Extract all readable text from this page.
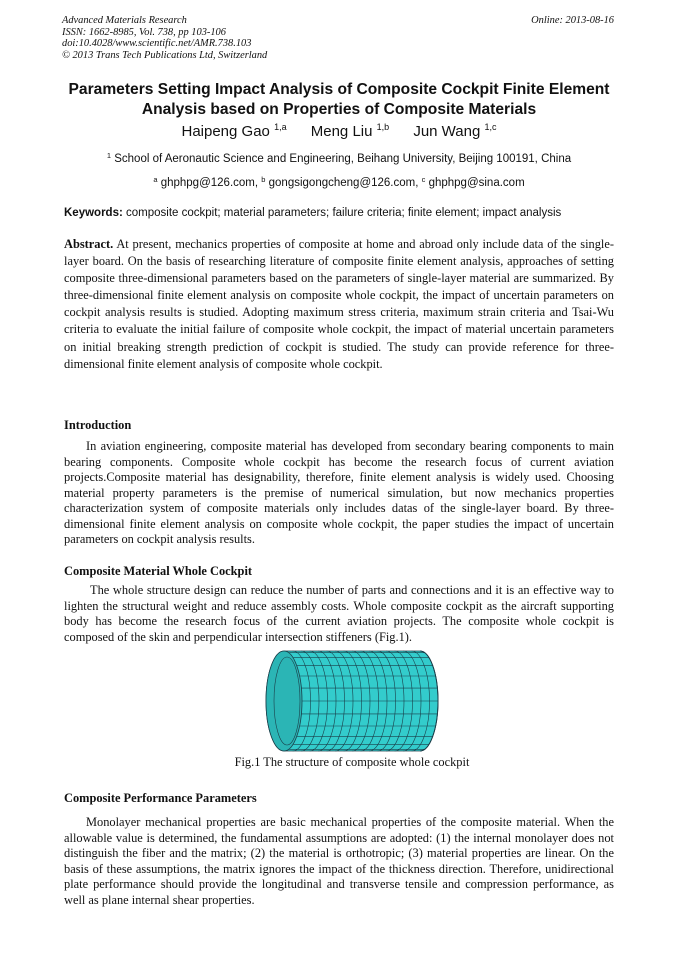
Advanced Materials Research
ISSN: 1662-8985, Vol. 738, pp 103-106
doi:10.4028/www.scientific.net/AMR.738.103
© 2013 Trans Tech Publications Ltd, Switzerland
Online: 2013-08-16
Parameters Setting Impact Analysis of Composite Cockpit Finite Element Analysis based on Properties of Composite Materials
Haipeng Gao $^{1,a}$ Meng Liu $^{1,b}$ Jun Wang $^{1,c}$
$^1$ School of Aeronautic Science and Engineering, Beihang University, Beijing 100191, China
$^a$ ghphpg@126.com, $^b$ gongsigongcheng@126.com, $^c$ ghphpg@sina.com
Keywords: composite cockpit; material parameters; failure criteria; finite element; impact analysis
Abstract. At present, mechanics properties of composite at home and abroad only include data of the single-layer board. On the basis of researching literature of composite finite element analysis, approaches of setting composite three-dimensional parameters based on the parameters of single-layer material are summarized. By three-dimensional finite element analysis on composite whole cockpit, the impact of uncertain parameters on cockpit analysis results is studied. Adopting maximum stress criteria, maximum strain criteria and Tsai-Wu criteria to evaluate the initial failure of composite whole cockpit, the impact of material uncertain parameters on initial breaking strength prediction of cockpit is studied. The study can provide reference for three-dimensional finite element analysis of composite whole cockpit.
Introduction
In aviation engineering, composite material has developed from secondary bearing components to main bearing components. Composite whole cockpit has become the research focus of current aviation projects.Composite material has designability, therefore, finite element analysis is widely used. Choosing material property parameters is the premise of numerical simulation, but now mechanics properties characterization system of composite materials only includes datas of the single-layer board. By three-dimensional finite element analysis on composite whole cockpit, the paper studies the impact of uncertain parameters on cockpit analysis results.
Composite Material Whole Cockpit
The whole structure design can reduce the number of parts and connections and it is an effective way to lighten the structural weight and reduce assembly costs. Whole composite cockpit as the aircraft supporting body has become the research focus of the current aviation projects. The composite whole cockpit is composed of the skin and perpendicular intersection stiffeners (Fig.1).
Fig.1 The structure of composite whole cockpit
Composite Performance Parameters
Monolayer mechanical properties are basic mechanical properties of the composite material. When the allowable value is determined, the fundamental assumptions are adopted: (1) the internal monolayer does not distinguish the fiber and the matrix; (2) the material is orthotropic; (3) material properties are linear. On the basis of these assumptions, the matrix ignores the impact of the thickness direction. Therefore, unidirectional plate performance should provide the longitudinal and transverse tensile and compression performance, as well as plane internal shear properties.
